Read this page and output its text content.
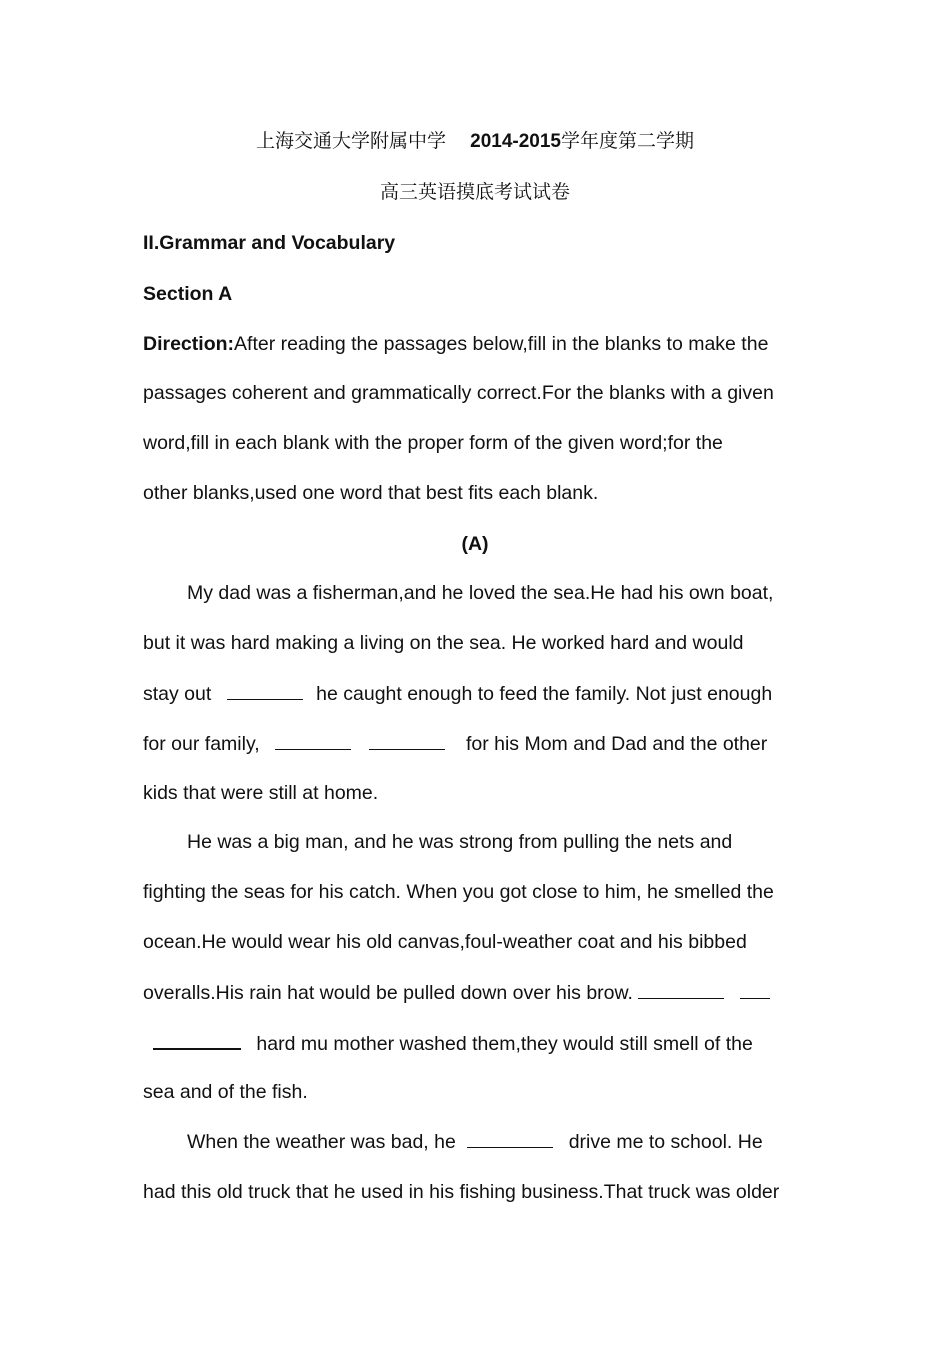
上海交通大学附属中学 2014-2015学年度第二学期
高三英语摸底考试试卷
II.Grammar and Vocabulary
Section A
Direction:After reading the passages below,fill in the blanks to make the
passages coherent and grammatically correct.For the blanks with a given
word,fill in each blank with the proper form of the given word;for the
other blanks,used one word that best fits each blank.
(A)
My dad was a fisherman,and he loved the sea.He had his own boat,
but it was hard making a living on the sea. He worked hard and would
stay out	he caught enough to feed the family. Not just enough
for our family,	for his Mom and Dad and the other
kids that were still at home.
He was a big man, and he was strong from pulling the nets and
fighting the seas for his catch. When you got close to him, he smelled the
ocean.He would wear his old canvas,foul-weather coat and his bibbed
overalls.His rain hat would be pulled down over his brow.
hard mu mother washed them,they would still smell of the
sea and of the fish.
When the weather was bad, he	drive me to school. He
had this old truck that he used in his fishing business.That truck was older
